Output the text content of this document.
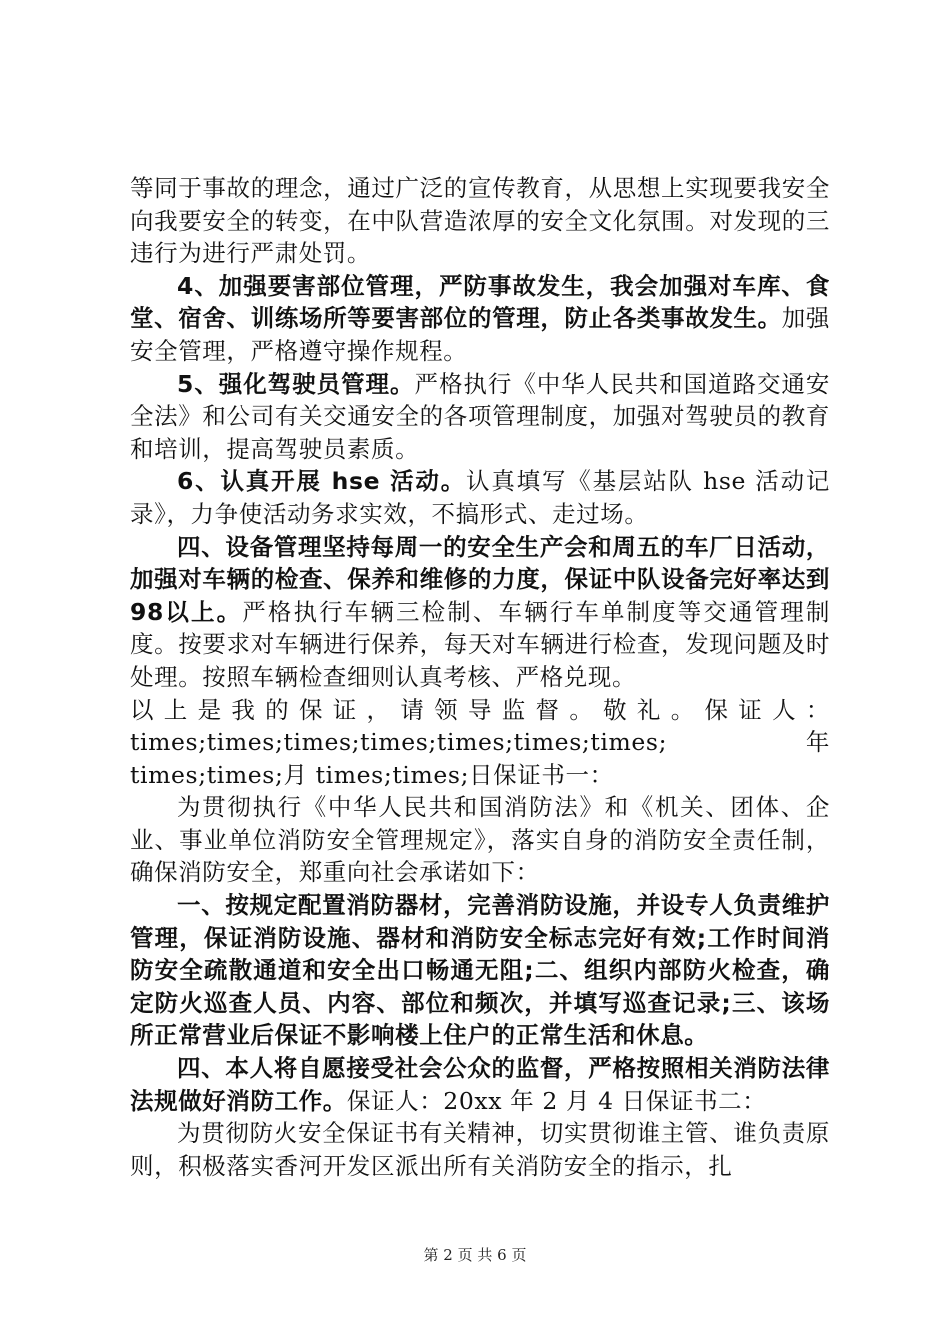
等同于事故的理念，通过广泛的宣传教育，从思想上实现要我安全向我要安全的转变，在中队营造浓厚的安全文化氛围。对发现的三违行为进行严肃处罚。

4、加强要害部位管理，严防事故发生，我会加强对车库、食堂、宿舍、训练场所等要害部位的管理，防止各类事故发生。加强安全管理，严格遵守操作规程。

5、强化驾驶员管理。严格执行《中华人民共和国道路交通安全法》和公司有关交通安全的各项管理制度，加强对驾驶员的教育和培训，提高驾驶员素质。

6、认真开展 hse 活动。认真填写《基层站队 hse 活动记录》，力争使活动务求实效，不搞形式、走过场。

四、设备管理坚持每周一的安全生产会和周五的车厂日活动，加强对车辆的检查、保养和维修的力度，保证中队设备完好率达到98以上。严格执行车辆三检制、车辆行车单制度等交通管理制度。按要求对车辆进行保养，每天对车辆进行检查，发现问题及时处理。按照车辆检查细则认真考核、严格兑现。

以上是我的保证，请领导监督。敬礼。保证人：

times;times;times;times;times;times;times; 年

times;times;月 times;times;日保证书一：

为贯彻执行《中华人民共和国消防法》和《机关、团体、企业、事业单位消防安全管理规定》，落实自身的消防安全责任制，确保消防安全，郑重向社会承诺如下：

一、按规定配置消防器材，完善消防设施，并设专人负责维护管理，保证消防设施、器材和消防安全标志完好有效;工作时间消防安全疏散通道和安全出口畅通无阻;二、组织内部防火检查，确定防火巡查人员、内容、部位和频次，并填写巡查记录;三、该场所正常营业后保证不影响楼上住户的正常生活和休息。

四、本人将自愿接受社会公众的监督，严格按照相关消防法律法规做好消防工作。保证人：20xx 年 2 月 4 日保证书二：

为贯彻防火安全保证书有关精神，切实贯彻谁主管、谁负责原则，积极落实香河开发区派出所有关消防安全的指示，扎

第 2 页 共 6 页
